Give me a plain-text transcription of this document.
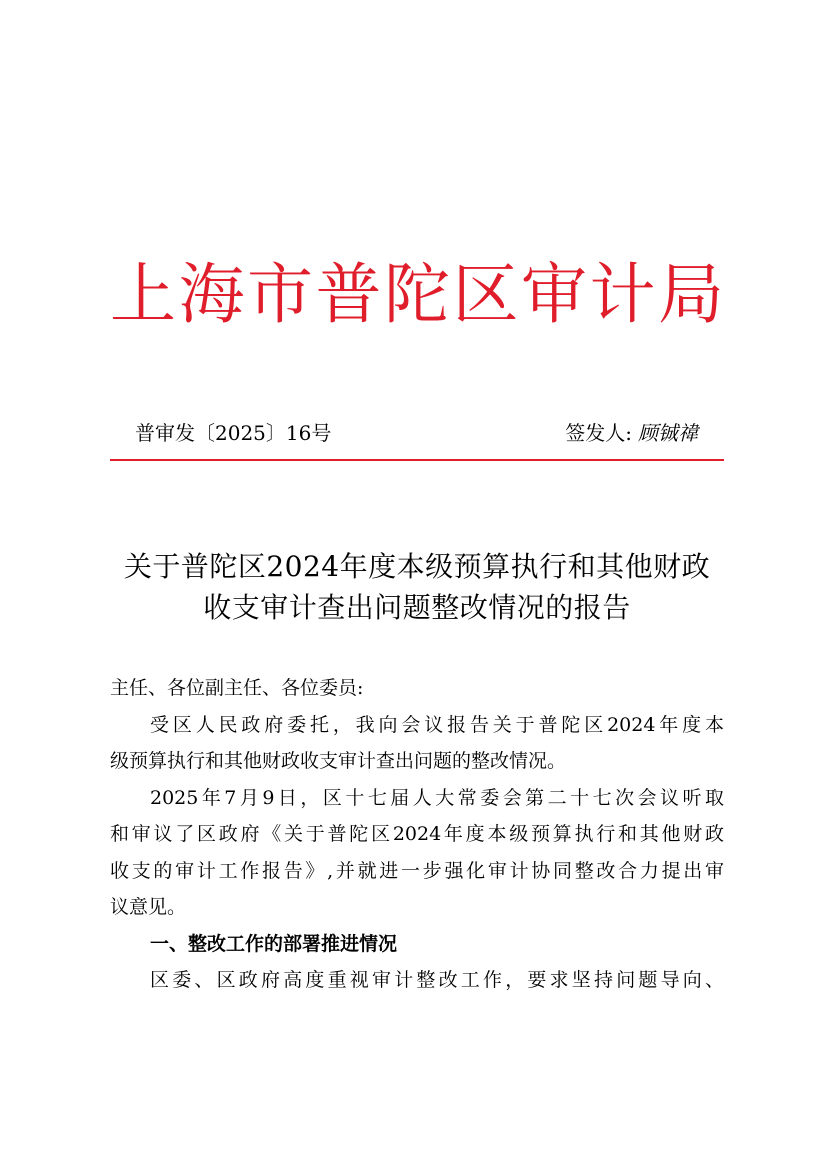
上 海 市 普 陀 区 审 计 局
普审发〔2025〕16号	签发人: 顾铖禕
关于普陀区2024年度本级预算执行和其他财政
收支审计查出问题整改情况的报告
主任、各位副主任、各位委员:
受区人民政府委托，我向会议报告关于普陀区2024年度本
级预算执行和其他财政收支审计查出问题的整改情况。
2025年7月9日，区十七届人大常委会第二十七次会议听取
和审议了区政府《关于普陀区2024年度本级预算执行和其他财政
收支的审计工作报告》,并就进一步强化审计协同整改合力提出审
议意见。
一、整改工作的部署推进情况
区委、区政府高度重视审计整改工作，要求坚持问题导向、
